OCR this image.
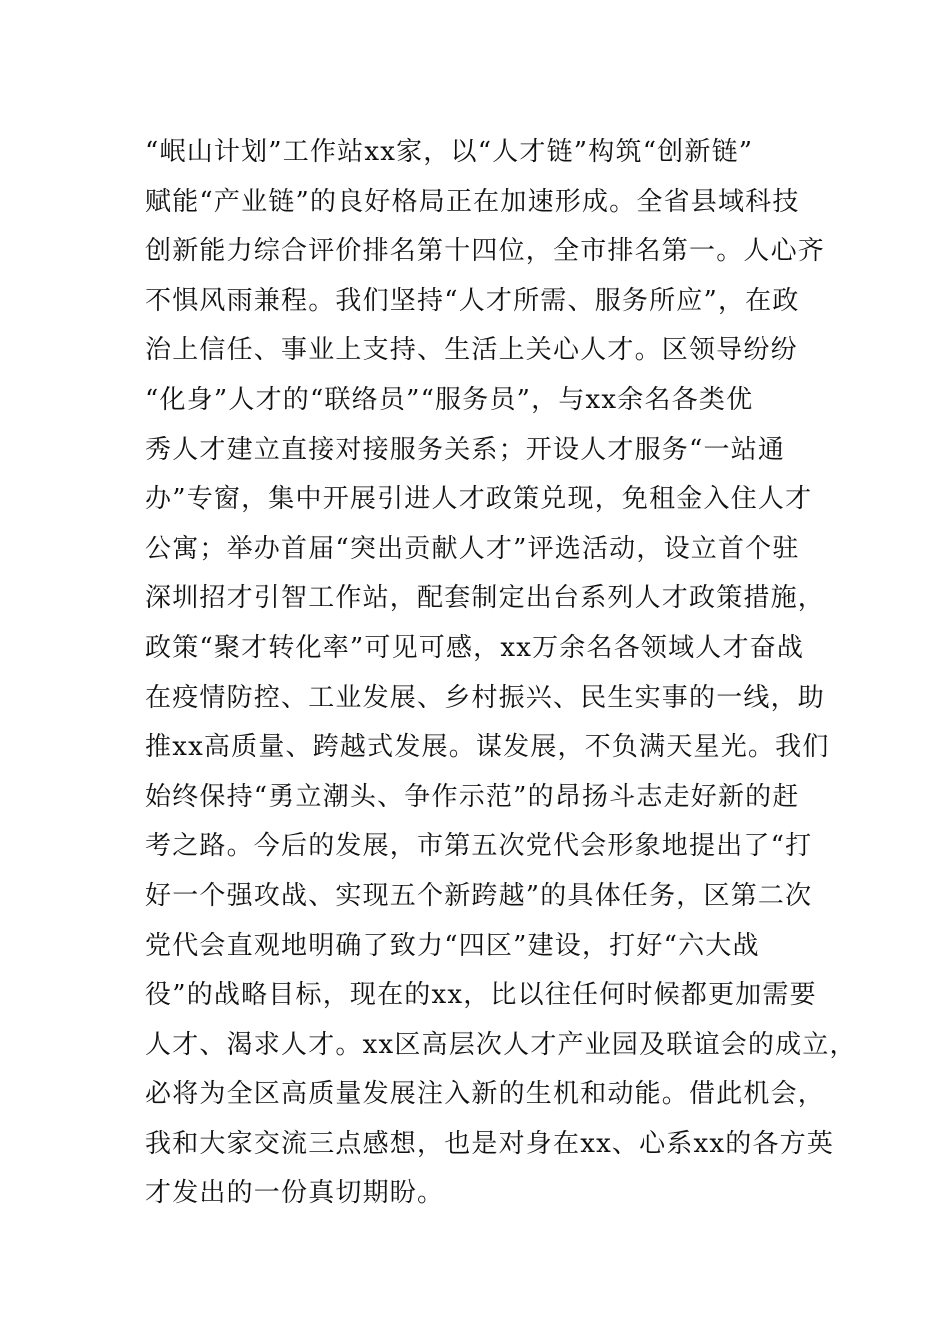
“岷山计划”工作站xx家，以“人才链”构筑“创新链”
赋能“产业链”的良好格局正在加速形成。全省县域科技
创新能力综合评价排名第十四位，全市排名第一。人心齐
不惧风雨兼程。我们坚持“人才所需、服务所应”，在政
治上信任、事业上支持、生活上关心人才。区领导纷纷
“化身”人才的“联络员”“服务员”，与xx余名各类优
秀人才建立直接对接服务关系；开设人才服务“一站通
办”专窗，集中开展引进人才政策兑现，免租金入住人才
公寓；举办首届“突出贡献人才”评选活动，设立首个驻
深圳招才引智工作站，配套制定出台系列人才政策措施，
政策“聚才转化率”可见可感，xx万余名各领域人才奋战
在疫情防控、工业发展、乡村振兴、民生实事的一线，助
推xx高质量、跨越式发展。谋发展，不负满天星光。我们
始终保持“勇立潮头、争作示范”的昂扬斗志走好新的赶
考之路。今后的发展，市第五次党代会形象地提出了“打
好一个强攻战、实现五个新跨越”的具体任务，区第二次
党代会直观地明确了致力“四区”建设，打好“六大战
役”的战略目标，现在的xx，比以往任何时候都更加需要
人才、渴求人才。xx区高层次人才产业园及联谊会的成立，
必将为全区高质量发展注入新的生机和动能。借此机会，
我和大家交流三点感想，也是对身在xx、心系xx的各方英
才发出的一份真切期盼。
